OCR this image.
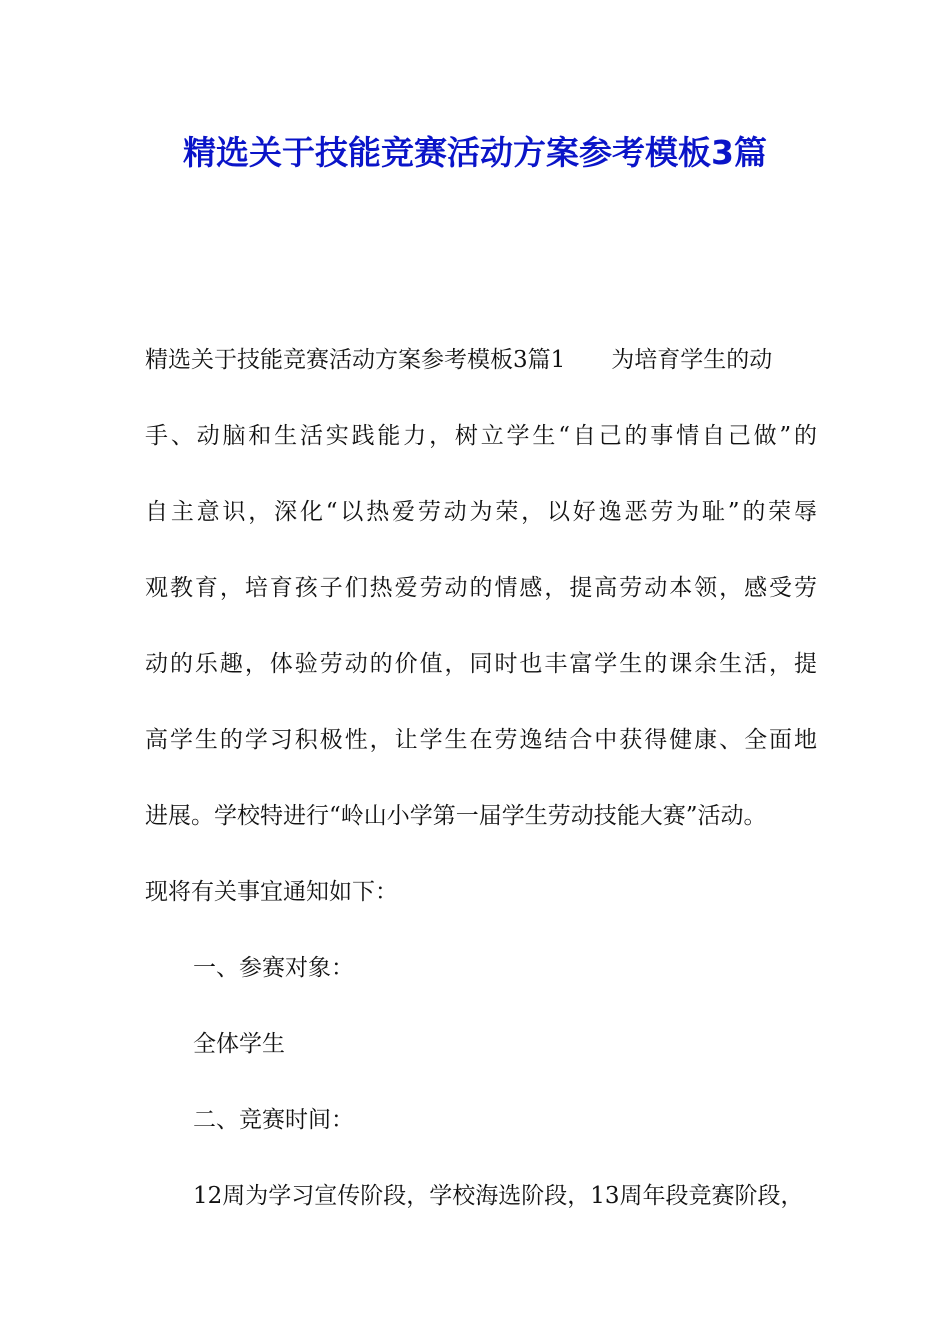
精选关于技能竞赛活动方案参考模板3篇
精选关于技能竞赛活动方案参考模板3篇1 为培育学生的动
手、动脑和生活实践能力，树立学生“自己的事情自己做”的
自主意识，深化“以热爱劳动为荣，以好逸恶劳为耻”的荣辱
观教育，培育孩子们热爱劳动的情感，提高劳动本领，感受劳
动的乐趣，体验劳动的价值，同时也丰富学生的课余生活，提
高学生的学习积极性，让学生在劳逸结合中获得健康、全面地
进展。学校特进行“岭山小学第一届学生劳动技能大赛”活动。
现将有关事宜通知如下：
一、参赛对象：
全体学生
二、竞赛时间：
12周为学习宣传阶段，学校海选阶段，13周年段竞赛阶段，
